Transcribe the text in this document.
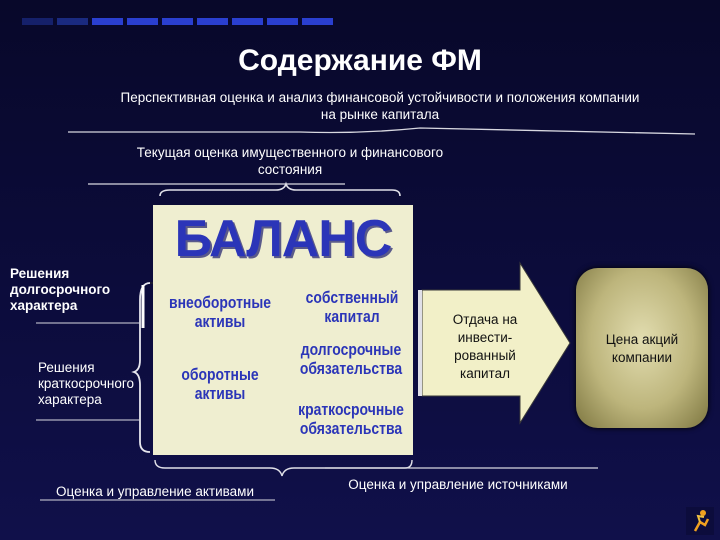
Содержание ФМ
Перспективная оценка и анализ финансовой устойчивости и положения компании
на рынке капитала
Текущая оценка имущественного и финансового
состояния
БАЛАНС
внеоборотные
активы
оборотные
активы
собственный
капитал
долгосрочные
обязательства
краткосрочные
обязательства
Решения
долгосрочного
характера
Решения
краткосрочного
характера
Отдача на
инвести-
рованный
капитал
Цена акций
компании
Оценка и управление активами	Оценка и управление источниками
